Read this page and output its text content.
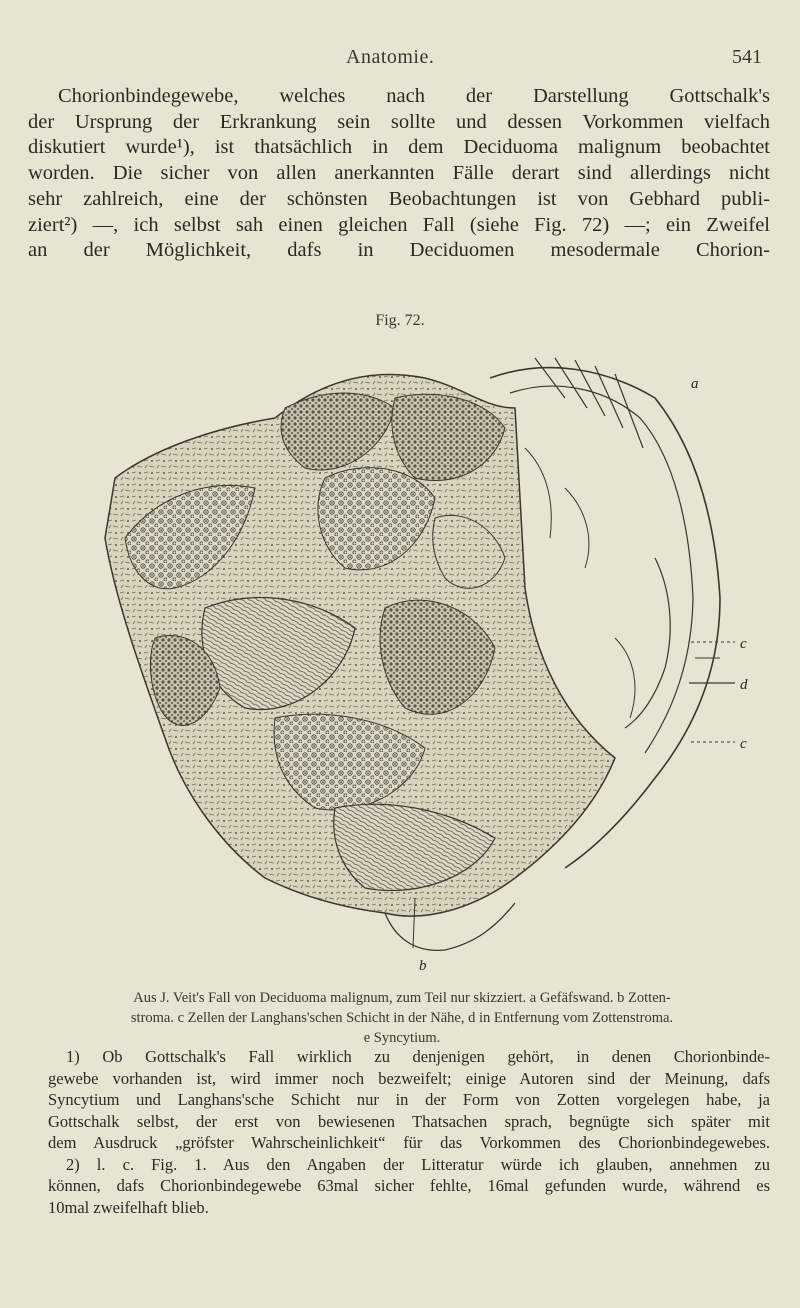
Anatomie.	541
Chorionbindegewebe, welches nach der Darstellung Gottschalk's
der Ursprung der Erkrankung sein sollte und dessen Vorkommen vielfach
diskutiert wurde¹), ist thatsächlich in dem Deciduoma malignum beobachtet
worden. Die sicher von allen anerkannten Fälle derart sind allerdings nicht
sehr zahlreich, eine der schönsten Beobachtungen ist von Gebhard publi-
ziert²) —, ich selbst sah einen gleichen Fall (siehe Fig. 72) —; ein Zweifel
an der Möglichkeit, dafs in Deciduomen mesodermale Chorion-
Fig. 72.
a
c
d
c
b
Aus J. Veit's Fall von Deciduoma malignum, zum Teil nur skizziert. a Gefäfswand. b Zotten-
stroma. c Zellen der Langhans'schen Schicht in der Nähe, d in Entfernung vom Zottenstroma.
e Syncytium.
1) Ob Gottschalk's Fall wirklich zu denjenigen gehört, in denen Chorionbinde-
gewebe vorhanden ist, wird immer noch bezweifelt; einige Autoren sind der Meinung, dafs
Syncytium und Langhans'sche Schicht nur in der Form von Zotten vorgelegen habe, ja
Gottschalk selbst, der erst von bewiesenen Thatsachen sprach, begnügte sich später mit
dem Ausdruck „gröfster Wahrscheinlichkeit“ für das Vorkommen des Chorionbindegewebes.
2) l. c. Fig. 1. Aus den Angaben der Litteratur würde ich glauben, annehmen zu
können, dafs Chorionbindegewebe 63mal sicher fehlte, 16mal gefunden wurde, während es
10mal zweifelhaft blieb.
